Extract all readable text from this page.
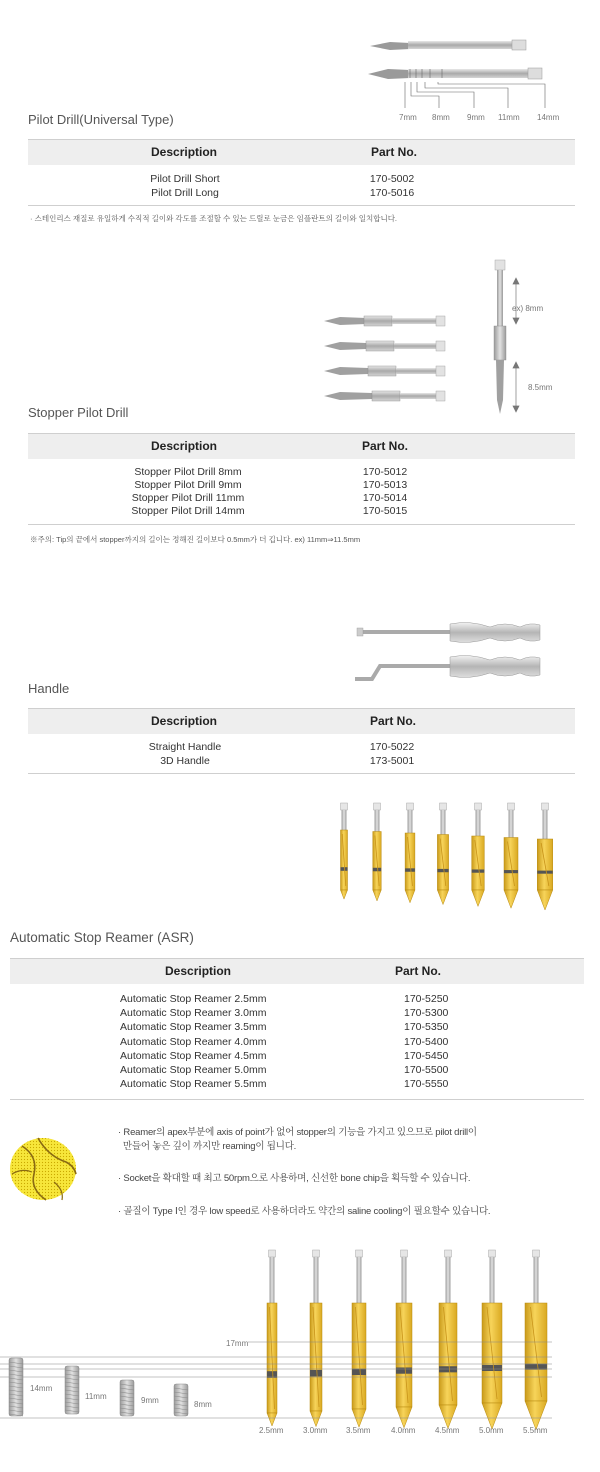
7mm 8mm 9mm 11mm 14mm
Pilot Drill(Universal Type)
Description	Part No.
Pilot Drill Short	170-5002
Pilot Drill Long	170-5016
· 스테인리스 재질로 유일하게 수직적 길이와 각도를 조절할 수 있는 드릴로 눈금은 임플란트의 길이와 일치합니다.
ex) 8mm
8.5mm
Stopper Pilot Drill
Description	Part No.
Stopper Pilot Drill 8mm	170-5012
Stopper Pilot Drill 9mm	170-5013
Stopper Pilot Drill 11mm	170-5014
Stopper Pilot Drill 14mm	170-5015
※주의: Tip의 끝에서 stopper까지의 길이는 정해진 길이보다 0.5mm가 더 깁니다. ex) 11mm⇒11.5mm
Handle
Description	Part No.
Straight Handle	170-5022
3D Handle	173-5001
Automatic Stop Reamer (ASR)
Description	Part No.
Automatic Stop Reamer 2.5mm	170-5250
Automatic Stop Reamer 3.0mm	170-5300
Automatic Stop Reamer 3.5mm	170-5350
Automatic Stop Reamer 4.0mm	170-5400
Automatic Stop Reamer 4.5mm	170-5450
Automatic Stop Reamer 5.0mm	170-5500
Automatic Stop Reamer 5.5mm	170-5550
· Reamer의 apex부분에 axis of point가 없어 stopper의 기능을 가지고 있으므로 pilot drill이
만들어 놓은 깊이 까지만 reaming이 됩니다.
· Socket을 확대할 때 최고 50rpm으로 사용하며, 신선한 bone chip을 획득할 수 있습니다.
· 골질이 Type Ⅰ인 경우 low speed로 사용하더라도 약간의 saline cooling이 필요할수 있습니다.
17mm
14mm
11mm	9mm	8mm
2.5mm 3.0mm 3.5mm	4.0mm 4.5mm 5.0mm 5.5mm
